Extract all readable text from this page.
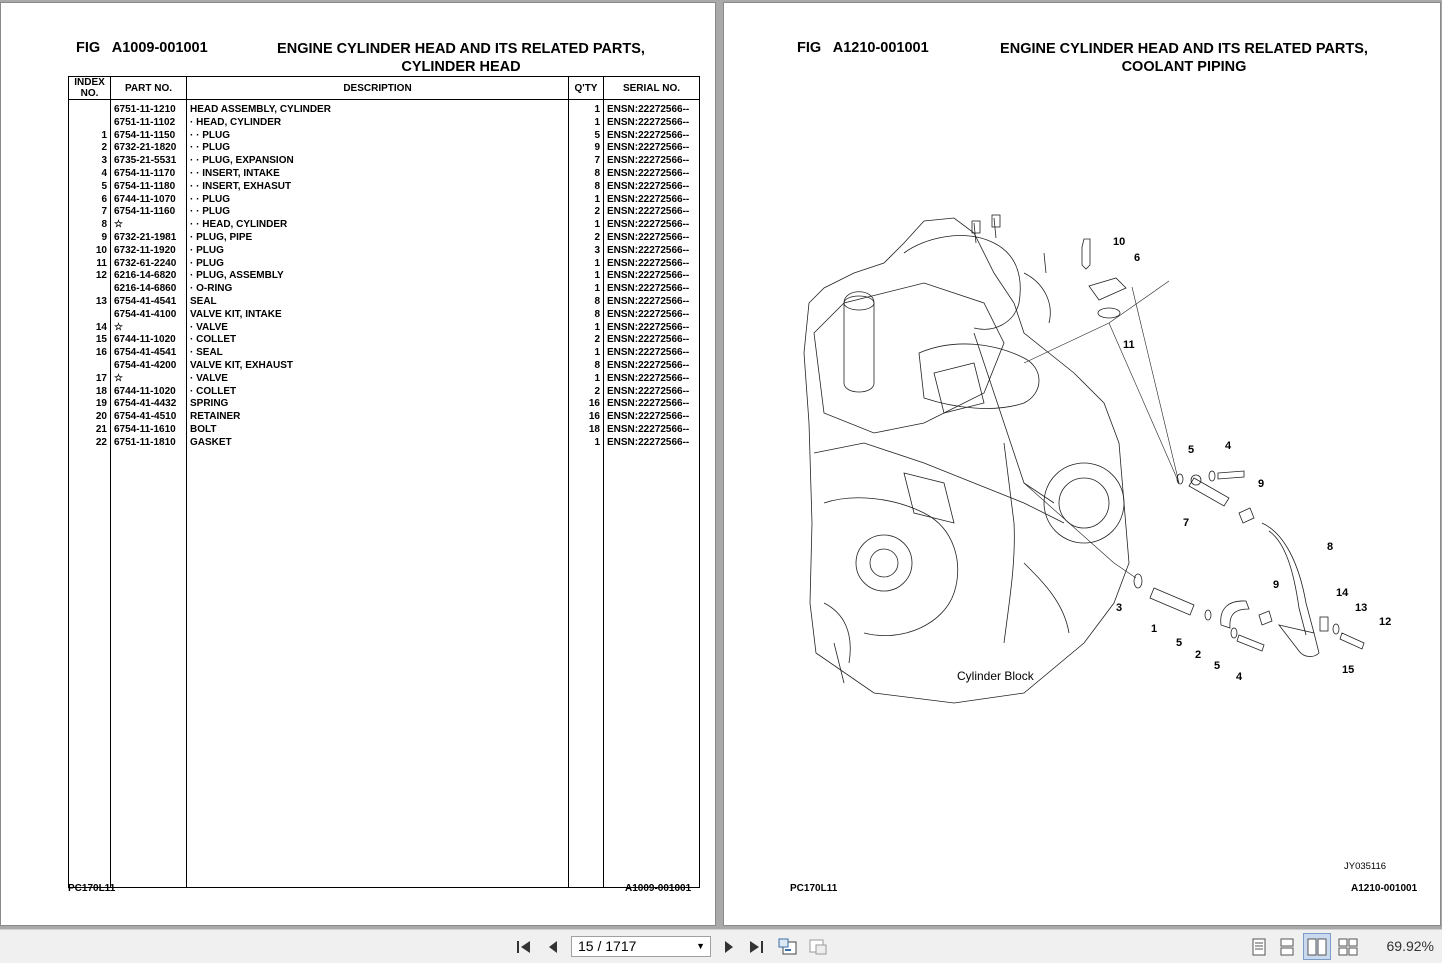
FIG A1009-001001	ENGINE CYLINDER HEAD AND ITS RELATED PARTS,
CYLINDER HEAD
INDEX NO.	PART NO.	DESCRIPTION	Q'TY	SERIAL NO.

	6751-11-1210	HEAD ASSEMBLY, CYLINDER	1	ENSN:22272566--
	6751-11-1102	· HEAD, CYLINDER	1	ENSN:22272566--
1	6754-11-1150	· · PLUG	5	ENSN:22272566--
2	6732-21-1820	· · PLUG	9	ENSN:22272566--
3	6735-21-5531	· · PLUG, EXPANSION	7	ENSN:22272566--
4	6754-11-1170	· · INSERT, INTAKE	8	ENSN:22272566--
5	6754-11-1180	· · INSERT, EXHASUT	8	ENSN:22272566--
6	6744-11-1070	· · PLUG	1	ENSN:22272566--
7	6754-11-1160	· · PLUG	2	ENSN:22272566--
8	☆	· · HEAD, CYLINDER	1	ENSN:22272566--
9	6732-21-1981	· PLUG, PIPE	2	ENSN:22272566--
10	6732-11-1920	· PLUG	3	ENSN:22272566--
11	6732-61-2240	· PLUG	1	ENSN:22272566--
12	6216-14-6820	· PLUG, ASSEMBLY	1	ENSN:22272566--
	6216-14-6860	· O-RING	1	ENSN:22272566--
13	6754-41-4541	SEAL	8	ENSN:22272566--
	6754-41-4100	VALVE KIT, INTAKE	8	ENSN:22272566--
14	☆	· VALVE	1	ENSN:22272566--
15	6744-11-1020	· COLLET	2	ENSN:22272566--
16	6754-41-4541	· SEAL	1	ENSN:22272566--
	6754-41-4200	VALVE KIT, EXHAUST	8	ENSN:22272566--
17	☆	· VALVE	1	ENSN:22272566--
18	6744-11-1020	· COLLET	2	ENSN:22272566--
19	6754-41-4432	SPRING	16	ENSN:22272566--
20	6754-41-4510	RETAINER	16	ENSN:22272566--
21	6754-11-1610	BOLT	18	ENSN:22272566--
22	6751-11-1810	GASKET	1	ENSN:22272566--

PC170L11	A1009-001001
FIG A1210-001001	ENGINE CYLINDER HEAD AND ITS RELATED PARTS,
COOLANT PIPING
10
6
11
5	4
9
7
8
3
1
5
2
5
4
9
14
13
12
15
Cylinder Block
JY035116
PC170L11	A1210-001001
15 / 1717	▼	69.92%
